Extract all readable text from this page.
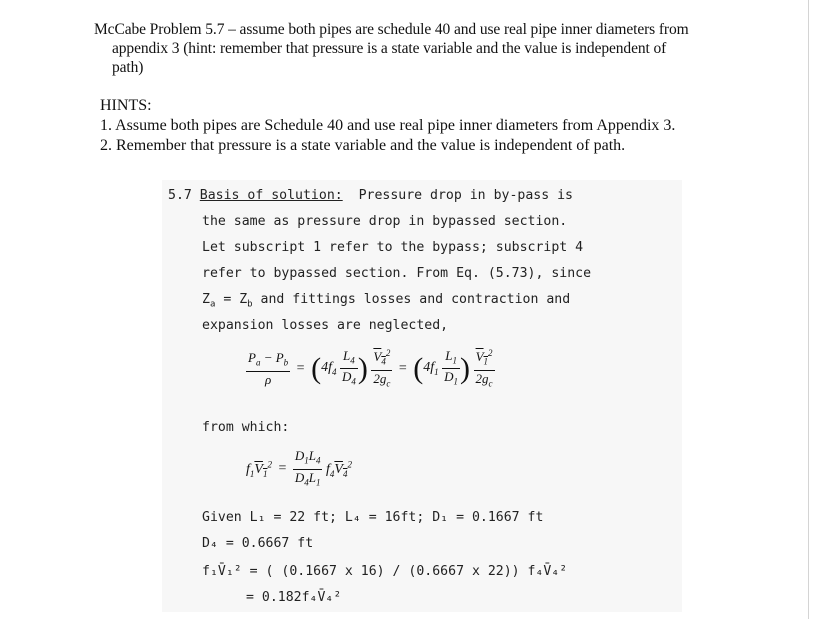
McCabe Problem 5.7 – assume both pipes are schedule 40 and use real pipe inner diameters from
appendix 3 (hint: remember that pressure is a state variable and the value is independent of
path)
HINTS:
1. Assume both pipes are Schedule 40 and use real pipe inner diameters from Appendix 3.
2. Remember that pressure is a state variable and the value is independent of path.
5.7 Basis of solution: Pressure drop in by-pass is
the same as pressure drop in bypassed section.
Let subscript 1 refer to the bypass; subscript 4
refer to bypassed section. From Eq. (5.73), since
$Z_a = Z_b$ and fittings losses and contraction and
expansion losses are neglected,
$\frac{P_a - P_b}{\rho} = (4f_4 \frac{L_4}{D_4}$ ) $\frac{V_4^2}{2g_c} = (4f_1 \frac{L_1}{D_1}$ ) $\frac{V_1^2}{2g_c}$
from which:
$f_1V_1^2 = \frac{D_1L_4}{D_4L_1} f_4V_4^2$
Given L₁ = 22 ft; L₄ = 16ft; D₁ = 0.1667 ft
D₄ = 0.6667 ft
f₁V̄₁² = ( (0.1667 x 16) / (0.6667 x 22)) f₄V̄₄²
= 0.182f₄V̄₄²
